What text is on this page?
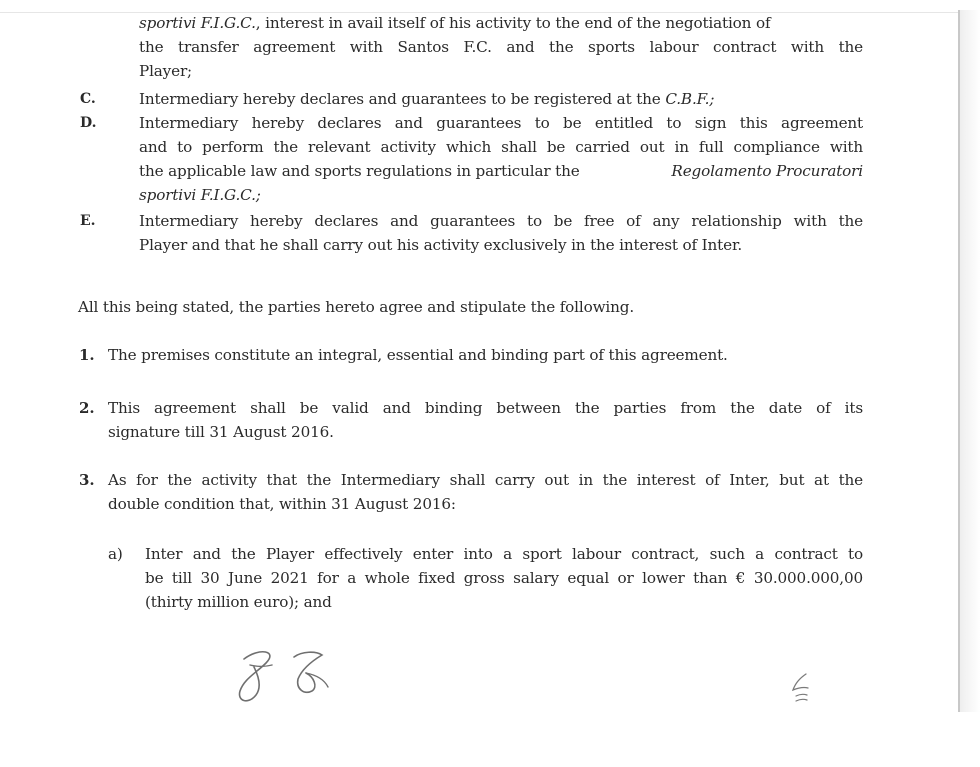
sportivi F.I.G.C., interest in avail itself of his activity to the end of the negotiation of
the transfer agreement with Santos F.C. and the sports labour contract with the
Player;
C.	Intermediary hereby declares and guarantees to be registered at the C.B.F.;
D.	Intermediary hereby declares and guarantees to be entitled to sign this agreement
and to perform the relevant activity which shall be carried out in full compliance with
the applicable law and sports regulations in particular the	Regolamento Procuratori
sportivi F.I.G.C.;
E.	Intermediary hereby declares and guarantees to be free of any relationship with the
Player and that he shall carry out his activity exclusively in the interest of Inter.
All this being stated, the parties hereto agree and stipulate the following.
1. The premises constitute an integral, essential and binding part of this agreement.
2. This agreement shall be valid and binding between the parties from the date of its
signature till 31 August 2016.
3. As for the activity that the Intermediary shall carry out in the interest of Inter, but at the
double condition that, within 31 August 2016:
a) Inter and the Player effectively enter into a sport labour contract, such a contract to
be till 30 June 2021 for a whole fixed gross salary equal or lower than € 30.000.000,00
(thirty million euro); and
